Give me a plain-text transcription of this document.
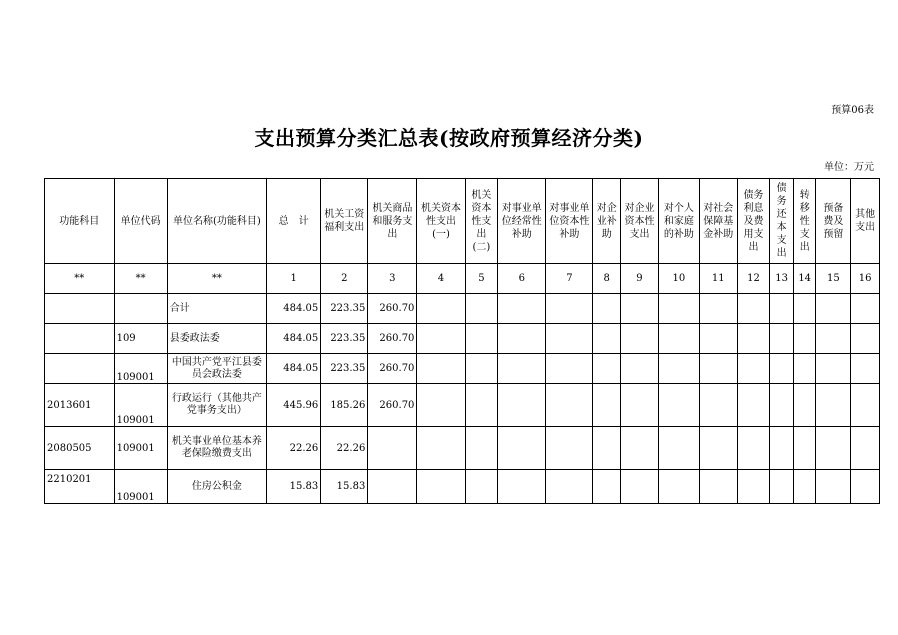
预算06表
支出预算分类汇总表(按政府预算经济分类)
单位：万元
功能科目	单位代码	单位名称(功能科目)	总　计	机关工资福利支出	机关商品和服务支出	机关资本性支出(一)	机关资本性支出(二)	对事业单位经常性补助	对事业单位资本性补助	对企业补助	对企业资本性支出	对个人和家庭的补助	对社会保障基金补助	债务利息及费用支出	债务还本支出	转移性支出	预备费及预留	其他支出
**	**	**	1	2	3	4	5	6	7	8	9	10	11	12	13	14	15	16
		合计	484.05	223.35	260.70													
	109	县委政法委	484.05	223.35	260.70													
	109001	中国共产党平江县委员会政法委	484.05	223.35	260.70													
2013601	109001	行政运行（其他共产党事务支出）	445.96	185.26	260.70													
2080505	109001	机关事业单位基本养老保险缴费支出	22.26	22.26														
2210201	109001	住房公积金	15.83	15.83														
